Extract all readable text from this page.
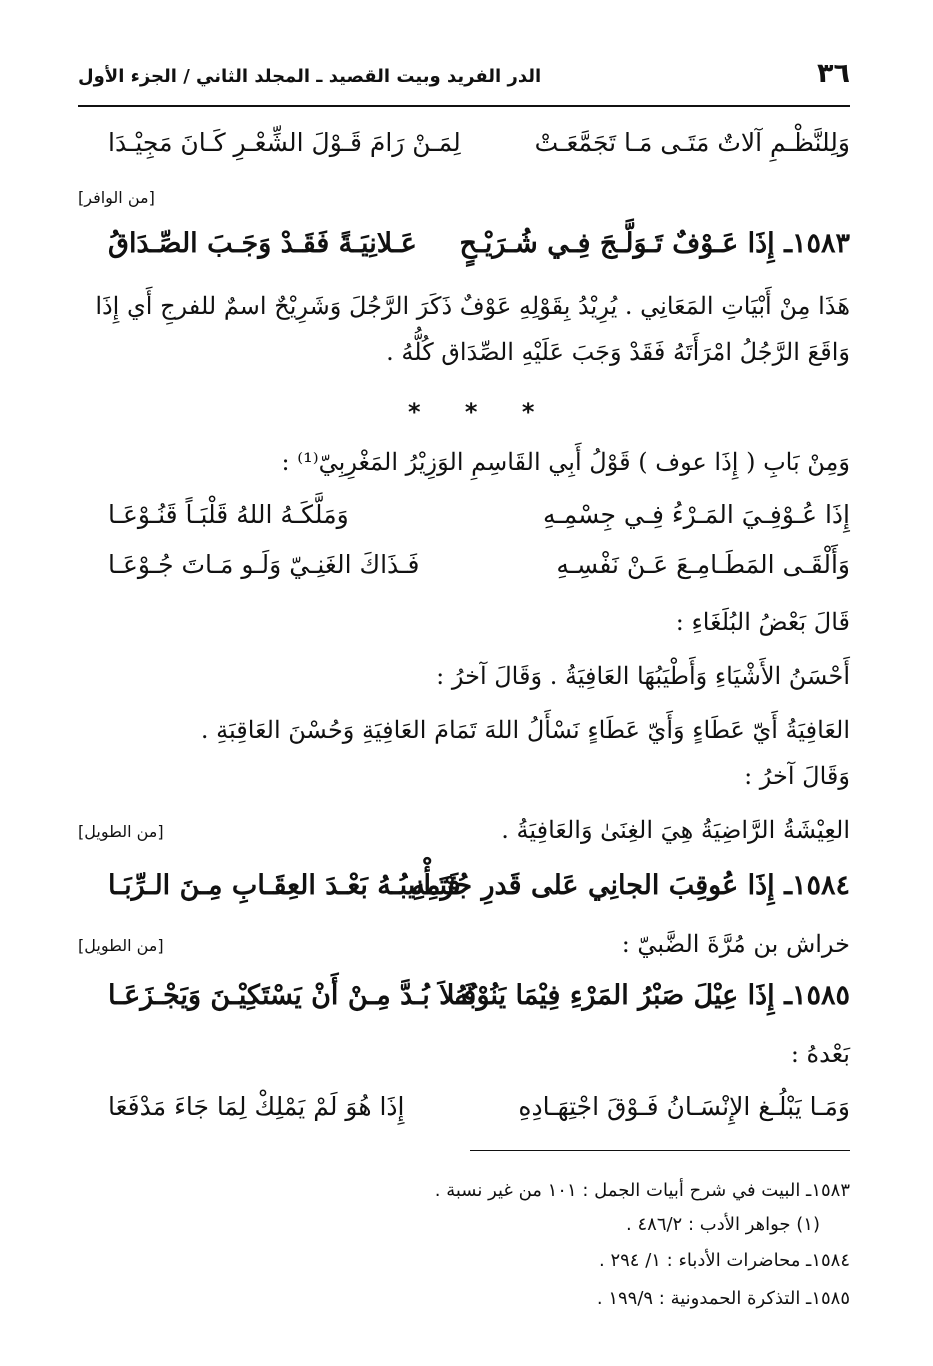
٣٦
الدر الفريد وبيت القصيد ـ المجلد الثاني / الجزء الأول
وَلِلنَّظْـمِ آلاتٌ مَتَـى مَـا تَجَمَّعَـتْ
لِمَـنْ رَامَ قَـوْلَ الشِّعْـرِ كَـانَ مَجِيْـدَا
[من الوافر]
١٥٨٣ـ إِذَا عَـوْفٌ تَـوَلَّـجَ فِـي شُـرَيْـحٍ
عَـلانِيَـةً فَقَـدْ وَجَـبَ الصِّـدَاقُ
هَذَا مِنْ أَبْيَاتِ المَعَانِي . يُرِيْدُ بِقَوْلِهِ عَوْفٌ ذَكَرَ الرَّجُلَ وَشَرِيْحٌ اسمٌ للفرجِ أَي إِذَا
وَاقَعَ الرَّجُلُ امْرَأَتَهُ فَقَدْ وَجَبَ عَلَيْهِ الصِّدَاق كُلُّهُ .
* * *
وَمِنْ بَابِ ( إِذَا عوف ) قَوْلُ أَبِي القَاسِمِ الوَزِيْرُ المَغْرِبِيّ⁽¹⁾ :
إِذَا عُـوْفِـيَ المَـرْءُ فِـي جِسْمِـهِ
وَمَلَّكَـهُ اللهُ قَلْبَـاً قَنُـوْعَـا
وَأَلْقَـى المَطَـامِـعَ عَـنْ نَفْسِـهِ
فَـذَاكَ الغَنِـيّ وَلَـو مَـاتَ جُـوْعَـا
قَالَ بَعْضُ البُلَغَاءِ :
أَحْسَنُ الأَشْيَاءِ وَأَطْيَبُهَا العَافِيَةُ . وَقَالَ آخرُ :
العَافِيَةُ أَيّ عَطَاءٍ وَأَيّ عَطَاءٍ نَسْأَلُ اللهَ تَمَامَ العَافِيَةِ وَحُسْنَ العَاقِبَةِ .
وَقَالَ آخرُ :
العِيْشَةُ الرَّاضِيَةُ هِيَ الغِنَىٰ وَالعَافِيَةُ .
[من الطويل]
١٥٨٤ـ إِذَا عُوقِبَ الجانِي عَلى قَدرِ جُرْمِهِ
فَتَـأْنِيبُـهُ بَعْـدَ العِقَـابِ مِـنَ الـرِّبَـا
خراش بن مُرَّةَ الضَّبيّ :
[من الطويل]
١٥٨٥ـ إِذَا عِيْلَ صَبْرُ المَرْءِ فِيْمَا يَنُوْبُهُ
فَـلاَ بُـدَّ مِـنْ أَنْ يَسْتَكِيْـنَ وَيَجْـزَعَـا
بَعْدهُ :
وَمَـا يَبْلُـغ الإِنْسَـانُ فَـوْقَ اجْتِهَـادِهِ
إِذَا هُوَ لَمْ يَمْلِكْ لِمَا جَاءَ مَدْفَعَا
١٥٨٣ـ البيت في شرح أبيات الجمل : ١٠١ من غير نسبة .
(١) جواهر الأدب : ٤٨٦/٢ .
١٥٨٤ـ محاضرات الأدباء : ١/ ٢٩٤ .
١٥٨٥ـ التذكرة الحمدونية : ١٩٩/٩ .
